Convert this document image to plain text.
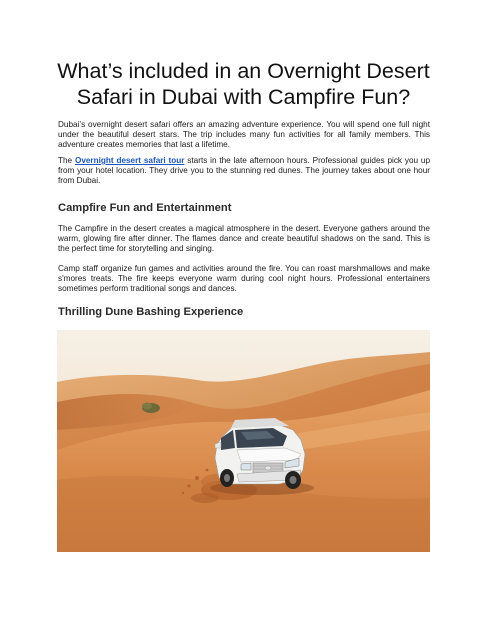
What’s included in an Overnight Desert Safari in Dubai with Campfire Fun?

Dubai’s overnight desert safari offers an amazing adventure experience. You will spend one full night under the beautiful desert stars. The trip includes many fun activities for all family members. This adventure creates memories that last a lifetime.

The Overnight desert safari tour starts in the late afternoon hours. Professional guides pick you up from your hotel location. They drive you to the stunning red dunes. The journey takes about one hour from Dubai.

Campfire Fun and Entertainment

The Campfire in the desert creates a magical atmosphere in the desert. Everyone gathers around the warm, glowing fire after dinner. The flames dance and create beautiful shadows on the sand. This is the perfect time for storytelling and singing.

Camp staff organize fun games and activities around the fire. You can roast marshmallows and make s'mores treats. The fire keeps everyone warm during cool night hours. Professional entertainers sometimes perform traditional songs and dances.

Thrilling Dune Bashing Experience
